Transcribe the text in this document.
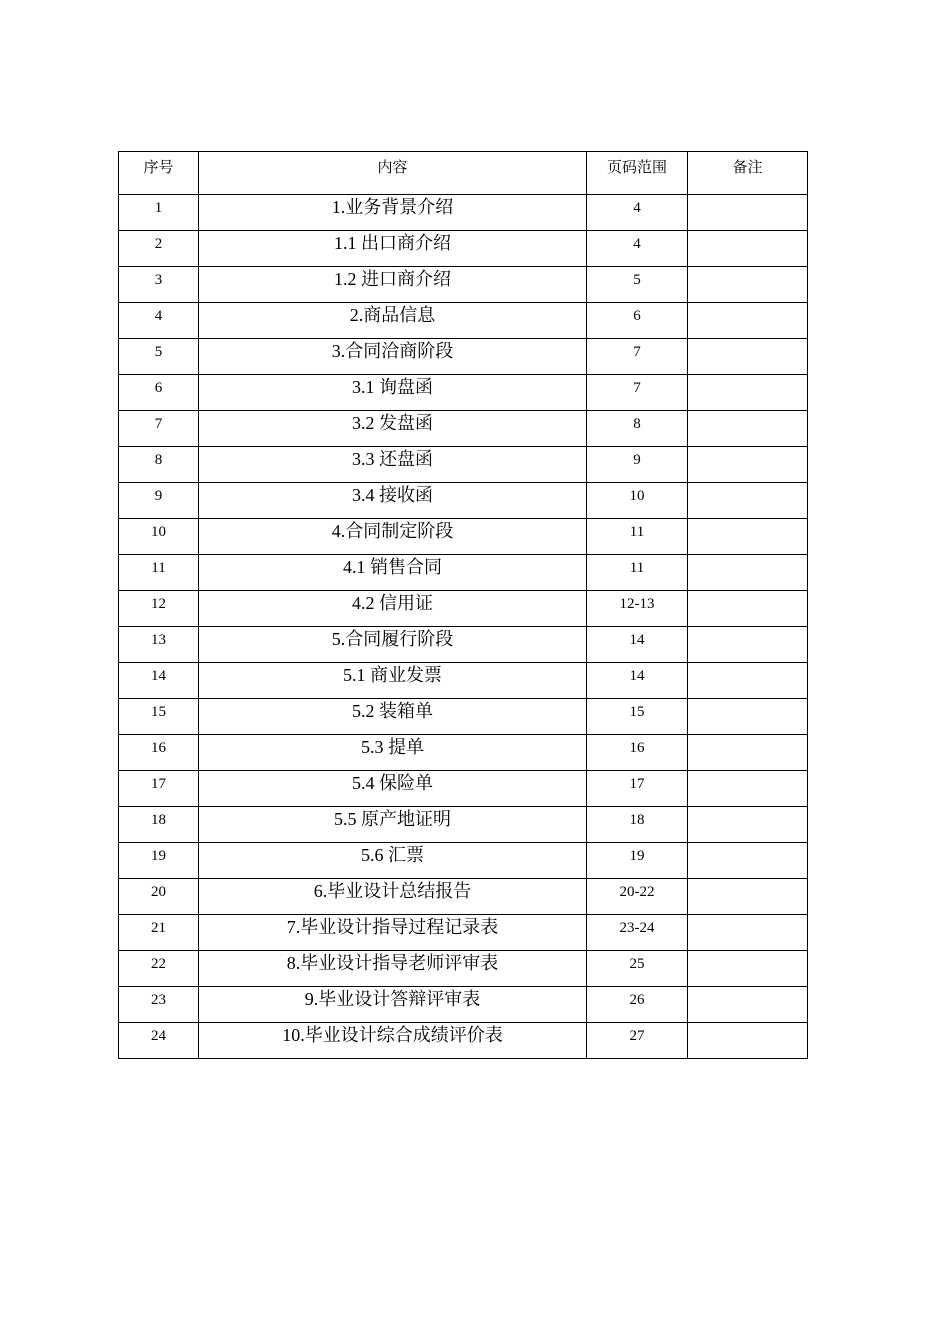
序号	内容	页码范围	备注
1	1.业务背景介绍	4	
2	1.1 出口商介绍	4	
3	1.2 进口商介绍	5	
4	2.商品信息	6	
5	3.合同洽商阶段	7	
6	3.1 询盘函	7	
7	3.2 发盘函	8	
8	3.3 还盘函	9	
9	3.4 接收函	10	
10	4.合同制定阶段	11	
11	4.1 销售合同	11	
12	4.2 信用证	12-13	
13	5.合同履行阶段	14	
14	5.1 商业发票	14	
15	5.2 装箱单	15	
16	5.3 提单	16	
17	5.4 保险单	17	
18	5.5 原产地证明	18	
19	5.6 汇票	19	
20	6.毕业设计总结报告	20-22	
21	7.毕业设计指导过程记录表	23-24	
22	8.毕业设计指导老师评审表	25	
23	9.毕业设计答辩评审表	26	
24	10.毕业设计综合成绩评价表	27	
